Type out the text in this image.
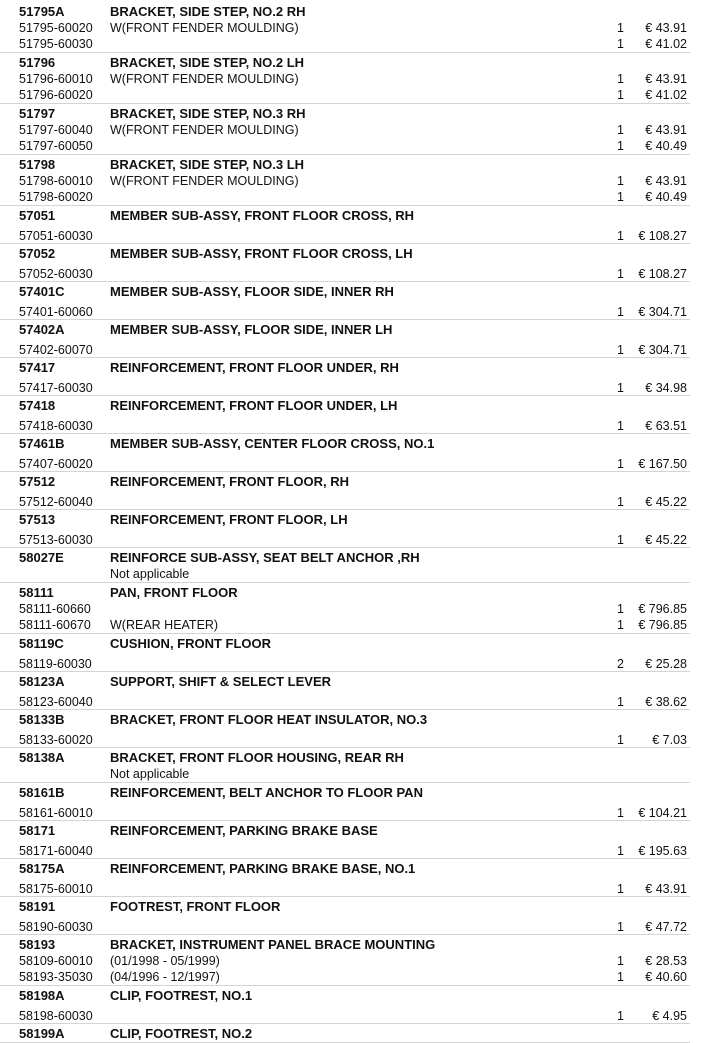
51795A	BRACKET, SIDE STEP, NO.2 RH
51795-60020 W(FRONT FENDER MOULDING)	1	€ 43.91
51795-60030	1	€ 41.02
51796	BRACKET, SIDE STEP, NO.2 LH
51796-60010 W(FRONT FENDER MOULDING)	1	€ 43.91
51796-60020	1	€ 41.02
51797	BRACKET, SIDE STEP, NO.3 RH
51797-60040 W(FRONT FENDER MOULDING)	1	€ 43.91
51797-60050	1	€ 40.49
51798	BRACKET, SIDE STEP, NO.3 LH
51798-60010 W(FRONT FENDER MOULDING)	1	€ 43.91
51798-60020	1	€ 40.49
57051	MEMBER SUB-ASSY, FRONT FLOOR CROSS, RH
57051-60030	1	€ 108.27
57052	MEMBER SUB-ASSY, FRONT FLOOR CROSS, LH
57052-60030	1	€ 108.27
57401C	MEMBER SUB-ASSY, FLOOR SIDE, INNER RH
57401-60060	1	€ 304.71
57402A	MEMBER SUB-ASSY, FLOOR SIDE, INNER LH
57402-60070	1	€ 304.71
57417	REINFORCEMENT, FRONT FLOOR UNDER, RH
57417-60030	1	€ 34.98
57418	REINFORCEMENT, FRONT FLOOR UNDER, LH
57418-60030	1	€ 63.51
57461B	MEMBER SUB-ASSY, CENTER FLOOR CROSS, NO.1
57407-60020	1	€ 167.50
57512	REINFORCEMENT, FRONT FLOOR, RH
57512-60040	1	€ 45.22
57513	REINFORCEMENT, FRONT FLOOR, LH
57513-60030	1	€ 45.22
58027E	REINFORCE SUB-ASSY, SEAT BELT ANCHOR ,RH
Not applicable
58111	PAN, FRONT FLOOR
58111-60660	1	€ 796.85
58111-60670 W(REAR HEATER)	1	€ 796.85
58119C	CUSHION, FRONT FLOOR
58119-60030	2	€ 25.28
58123A	SUPPORT, SHIFT & SELECT LEVER
58123-60040	1	€ 38.62
58133B	BRACKET, FRONT FLOOR HEAT INSULATOR, NO.3
58133-60020	1	€ 7.03
58138A	BRACKET, FRONT FLOOR HOUSING, REAR RH
Not applicable
58161B	REINFORCEMENT, BELT ANCHOR TO FLOOR PAN
58161-60010	1	€ 104.21
58171	REINFORCEMENT, PARKING BRAKE BASE
58171-60040	1	€ 195.63
58175A	REINFORCEMENT, PARKING BRAKE BASE, NO.1
58175-60010	1	€ 43.91
58191	FOOTREST, FRONT FLOOR
58190-60030	1	€ 47.72
58193	BRACKET, INSTRUMENT PANEL BRACE MOUNTING
58109-60010 (01/1998 - 05/1999)	1	€ 28.53
58193-35030 (04/1996 - 12/1997)	1	€ 40.60
58198A	CLIP, FOOTREST, NO.1
58198-60030	1	€ 4.95
58199A	CLIP, FOOTREST, NO.2
